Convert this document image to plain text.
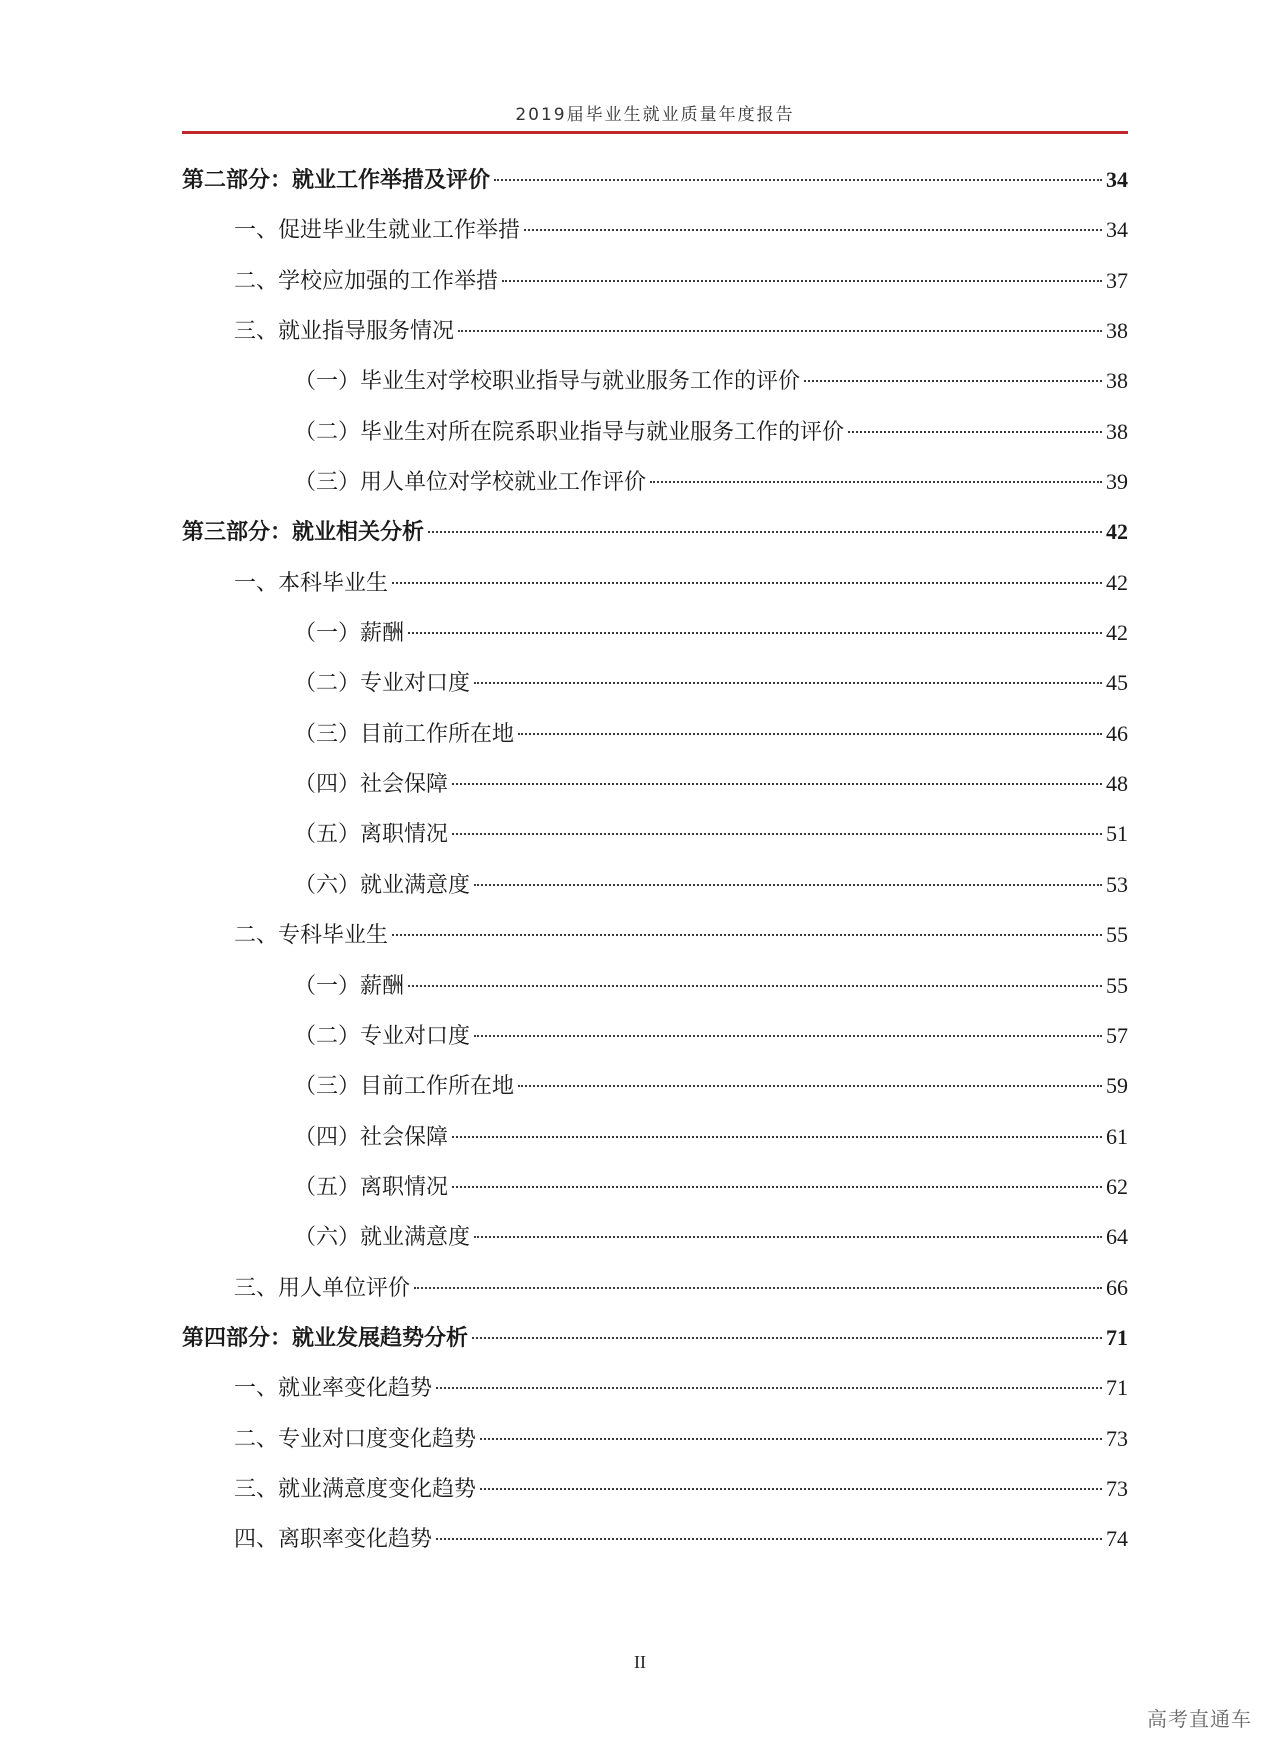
2019届毕业生就业质量年度报告
第二部分：就业工作举措及评价	34
一、促进毕业生就业工作举措	34
二、学校应加强的工作举措	37
三、就业指导服务情况	38
（一）毕业生对学校职业指导与就业服务工作的评价	38
（二）毕业生对所在院系职业指导与就业服务工作的评价	38
（三）用人单位对学校就业工作评价	39
第三部分：就业相关分析	42
一、本科毕业生	42
（一）薪酬	42
（二）专业对口度	45
（三）目前工作所在地	46
（四）社会保障	48
（五）离职情况	51
（六）就业满意度	53
二、专科毕业生	55
（一）薪酬	55
（二）专业对口度	57
（三）目前工作所在地	59
（四）社会保障	61
（五）离职情况	62
（六）就业满意度	64
三、用人单位评价	66
第四部分：就业发展趋势分析	71
一、就业率变化趋势	71
二、专业对口度变化趋势	73
三、就业满意度变化趋势	73
四、离职率变化趋势	74
II
高考直通车
